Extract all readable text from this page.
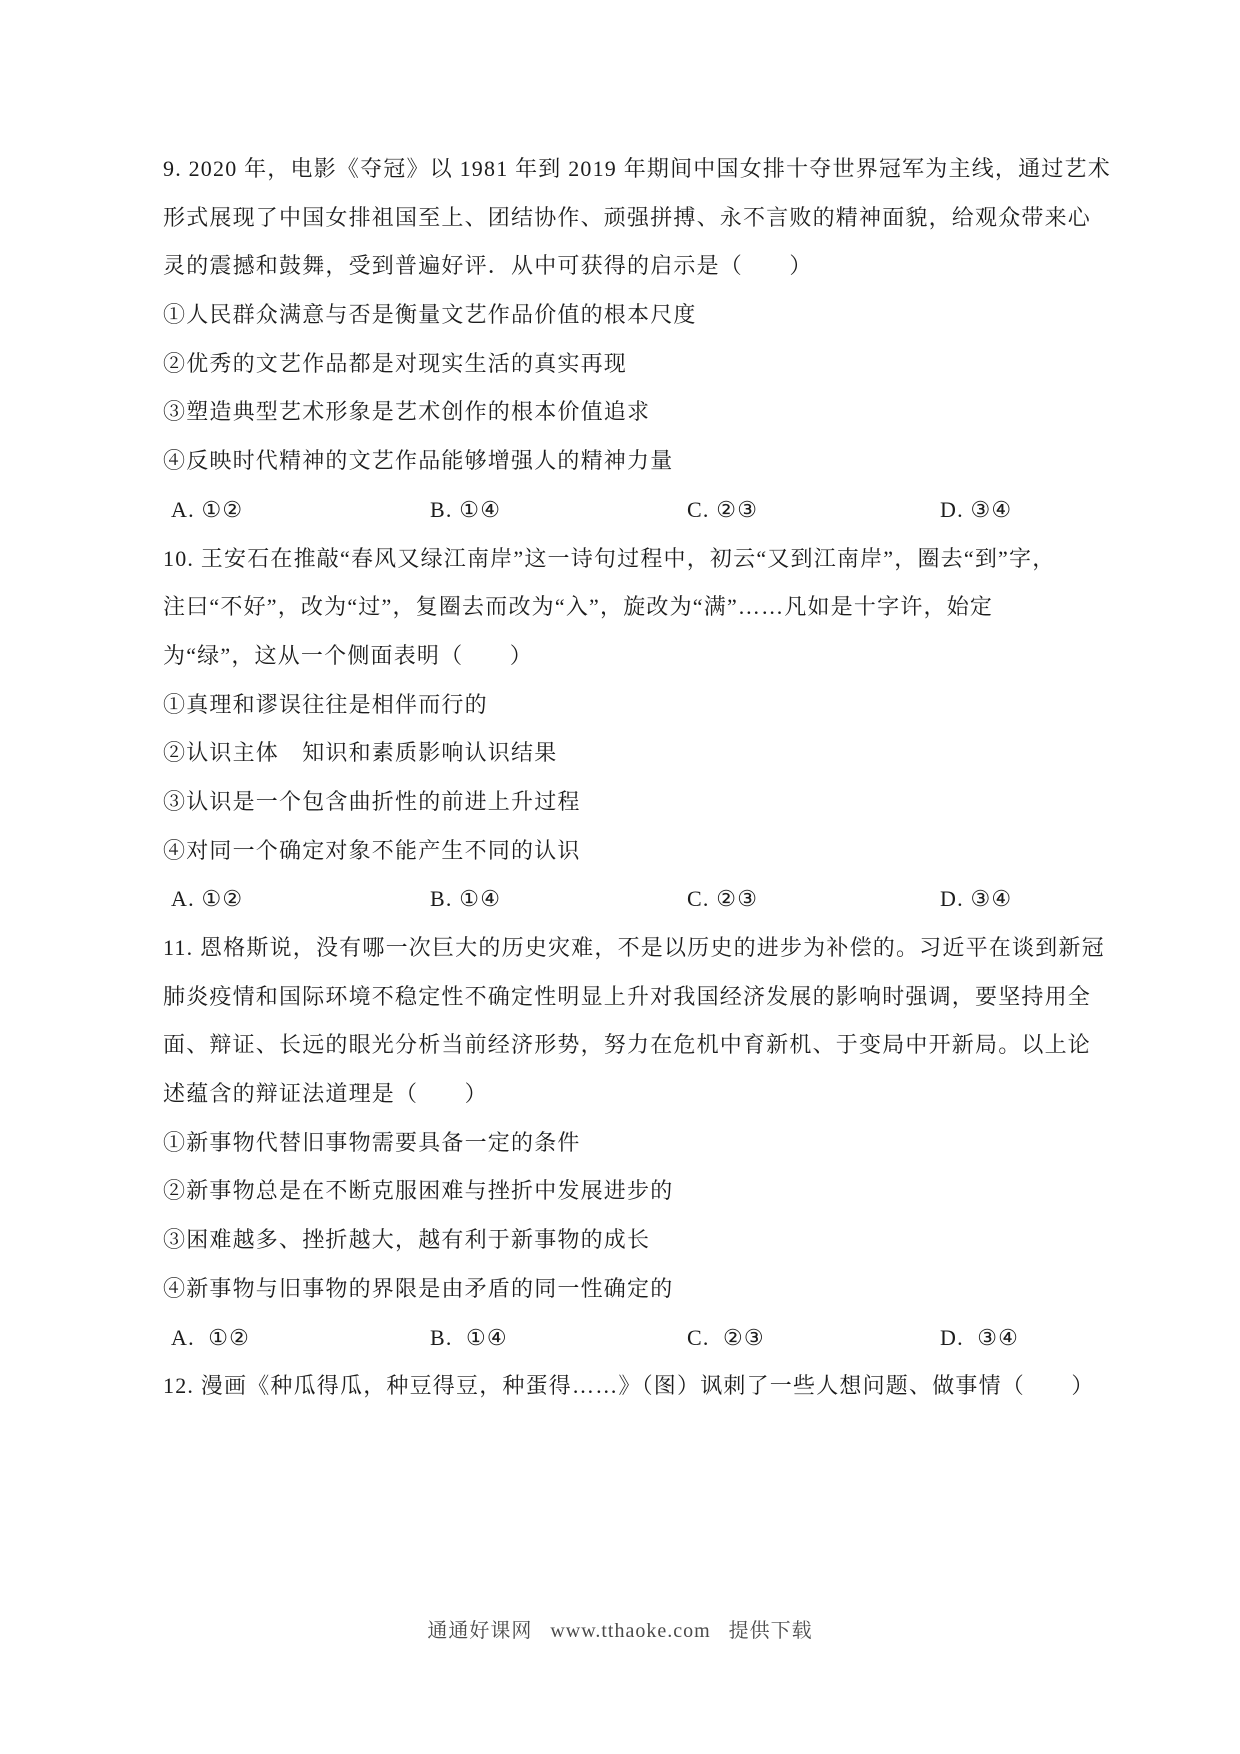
9. 2020 年，电影《夺冠》以 1981 年到 2019 年期间中国女排十夺世界冠军为主线，通过艺术
形式展现了中国女排祖国至上、团结协作、顽强拼搏、永不言败的精神面貌，给观众带来心
灵的震撼和鼓舞，受到普遍好评．从中可获得的启示是（　　）
①人民群众满意与否是衡量文艺作品价值的根本尺度
②优秀的文艺作品都是对现实生活的真实再现
③塑造典型艺术形象是艺术创作的根本价值追求
④反映时代精神的文艺作品能够增强人的精神力量

A. ①②

	B. ①④

	C. ②③

	D. ③④

10. 王安石在推敲“春风又绿江南岸”这一诗句过程中，初云“又到江南岸”，圈去“到”字，
注曰“不好”，改为“过”，复圈去而改为“入”，旋改为“满”……凡如是十字许，始定
为“绿”，这从一个侧面表明（　　）
①真理和谬误往往是相伴而行的
②认识主体　知识和素质影响认识结果
③认识是一个包含曲折性的前进上升过程
④对同一个确定对象不能产生不同的认识

A. ①②

	B. ①④

	C. ②③

	D. ③④

11. 恩格斯说，没有哪一次巨大的历史灾难，不是以历史的进步为补偿的。习近平在谈到新冠
肺炎疫情和国际环境不稳定性不确定性明显上升对我国经济发展的影响时强调，要坚持用全
面、辩证、长远的眼光分析当前经济形势，努力在危机中育新机、于变局中开新局。以上论
述蕴含的辩证法道理是（　　）
①新事物代替旧事物需要具备一定的条件
②新事物总是在不断克服困难与挫折中发展进步的
③困难越多、挫折越大，越有利于新事物的成长
④新事物与旧事物的界限是由矛盾的同一性确定的

A.  ①②

	B.  ①④

	C.  ②③

	D.  ③④

12. 漫画《种瓜得瓜，种豆得豆，种蛋得……》（图）讽刺了一些人想问题、做事情（　　）
通通好课网 www.tthaoke.com 提供下载
